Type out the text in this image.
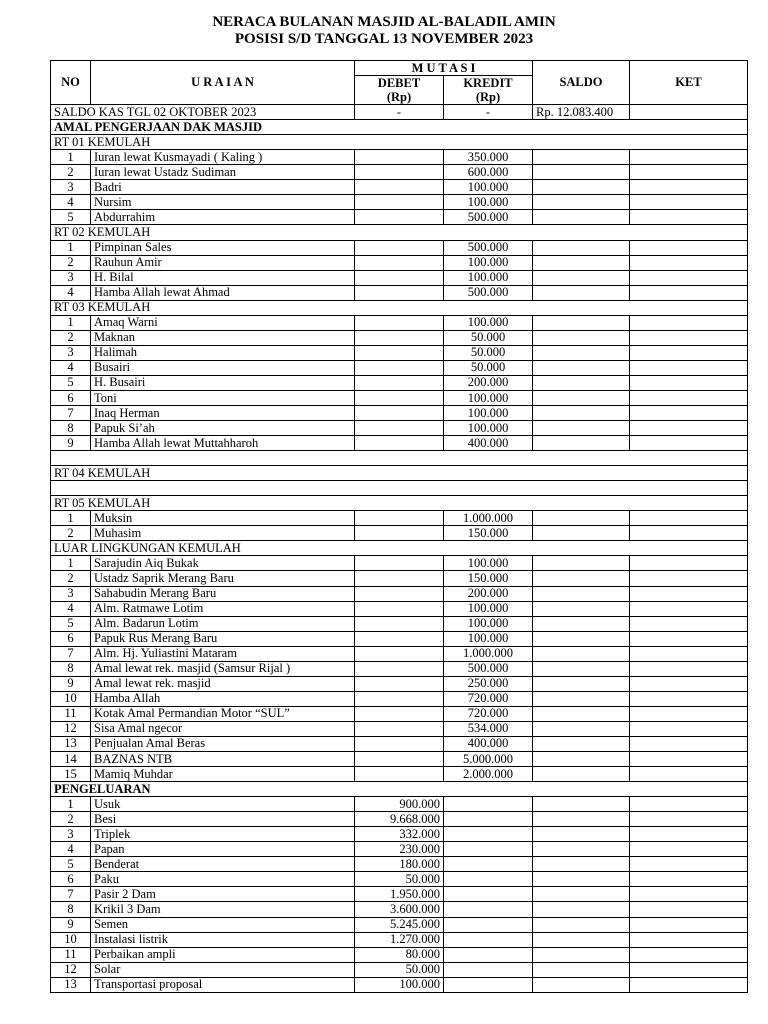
NERACA BULANAN MASJID AL-BALADIL AMIN
POSISI S/D TANGGAL 13 NOVEMBER 2023
NO	U R A I A N	M U T A S I		SALDO	KET
		DEBET	KREDIT		
		(Rp)	(Rp)		
SALDO KAS TGL 02 OKTOBER 2023		-	-	Rp. 12.083.400	
AMAL PENGERJAAN DAK MASJID					
RT 01 KEMULAH					
1	Iuran lewat Kusmayadi ( Kaling )		350.000		
2	Iuran lewat Ustadz Sudiman		600.000		
3	Badri		100.000		
4	Nursim		100.000		
5	Abdurrahim		500.000		
RT 02 KEMULAH					
1	Pimpinan Sales		500.000		
2	Rauhun Amir		100.000		
3	H. Bilal		100.000		
4	Hamba Allah lewat Ahmad		500.000		
RT 03 KEMULAH					
1	Amaq Warni		100.000		
2	Maknan		50.000		
3	Halimah		50.000		
4	Busairi		50.000		
5	H. Busairi		200.000		
6	Toni		100.000		
7	Inaq Herman		100.000		
8	Papuk Si’ah		100.000		
9	Hamba Allah lewat Muttahharoh		400.000		

RT 04 KEMULAH					

RT 05 KEMULAH					
1	Muksin		1.000.000		
2	Muhasim		150.000		
LUAR LINGKUNGAN KEMULAH					
1	Sarajudin Aiq Bukak		100.000		
2	Ustadz Saprik Merang Baru		150.000		
3	Sahabudin Merang Baru		200.000		
4	Alm. Ratmawe Lotim		100.000		
5	Alm. Badarun Lotim		100.000		
6	Papuk Rus Merang Baru		100.000		
7	Alm. Hj. Yuliastini Mataram		1.000.000		
8	Amal lewat rek. masjid (Samsur Rijal )		500.000		
9	Amal lewat rek. masjid		250.000		
10	Hamba Allah		720.000		
11	Kotak Amal Permandian Motor “SUL”		720.000		
12	Sisa Amal ngecor		534.000		
13	Penjualan Amal Beras		400.000		
14	BAZNAS NTB		5.000.000		
15	Mamiq Muhdar		2.000.000		
PENGELUARAN					
1	Usuk	900.000			
2	Besi	9.668.000			
3	Triplek	332.000			
4	Papan	230.000			
5	Benderat	180.000			
6	Paku	50.000			
7	Pasir 2 Dam	1.950.000			
8	Krikil 3 Dam	3.600.000			
9	Semen	5.245.000			
10	Instalasi listrik	1.270.000			
11	Perbaikan ampli	80.000			
12	Solar	50.000			
13	Transportasi proposal	100.000			
